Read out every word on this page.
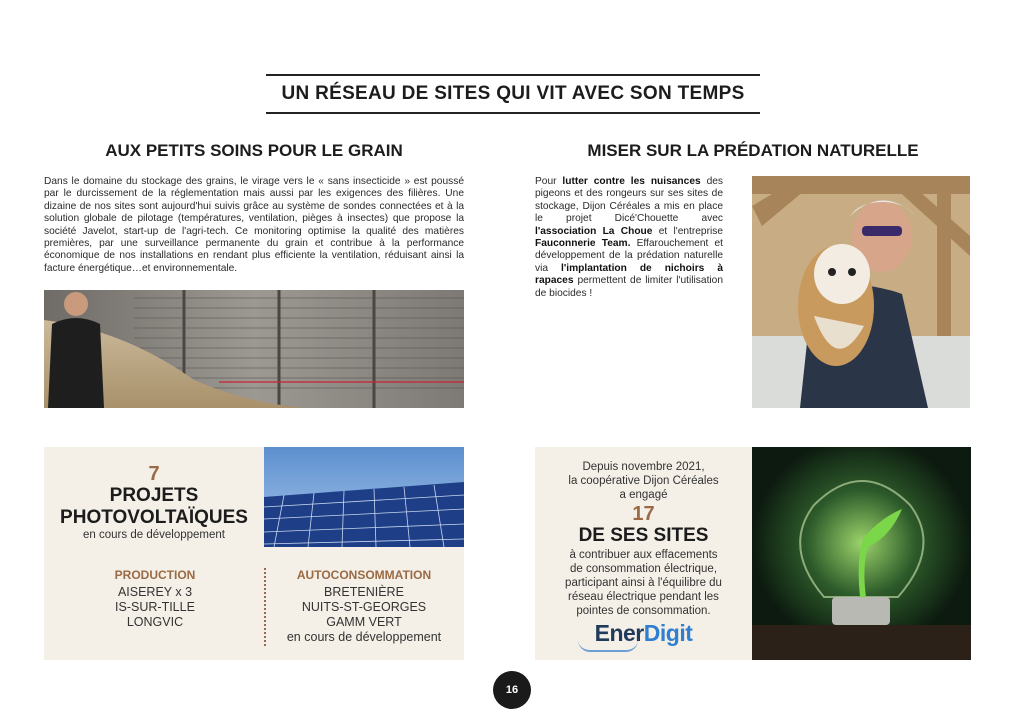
UN RÉSEAU DE SITES QUI VIT AVEC SON TEMPS
AUX PETITS SOINS POUR LE GRAIN
Dans le domaine du stockage des grains, le virage vers le « sans insecticide » est poussé par le durcissement de la réglementation mais aussi par les exigences des filières. Une dizaine de nos sites sont aujourd'hui suivis grâce au système de sondes connectées et à la solution globale de pilotage (températures, ventilation, pièges à insectes) que propose la société Javelot, start-up de l'agri-tech. Ce monitoring optimise la qualité des matières premières, par une surveillance permanente du grain et contribue à la performance économique de nos installations en rendant plus efficiente la ventilation, réduisant ainsi la facture énergétique…et environnementale.
MISER SUR LA PRÉDATION NATURELLE
Pour lutter contre les nuisances des pigeons et des rongeurs sur ses sites de stockage, Dijon Céréales a mis en place le projet Dicé'Chouette avec l'association La Choue et l'entreprise Fauconnerie Team. Effarouchement et développement de la prédation naturelle via l'implantation de nichoirs à rapaces permettent de limiter l'utilisation de biocides !
7
PROJETS
PHOTOVOLTAÏQUES
en cours de développement
PRODUCTION
AISEREY x 3
IS-SUR-TILLE
LONGVIC
AUTOCONSOMMATION
BRETENIÈRE
NUITS-ST-GEORGES
GAMM VERT
en cours de développement
Depuis novembre 2021,
la coopérative Dijon Céréales
a engagé
17
DE SES SITES
à contribuer aux effacements
de consommation électrique,
participant ainsi à l'équilibre du
réseau électrique pendant les
pointes de consommation.
EnerDigit
16
